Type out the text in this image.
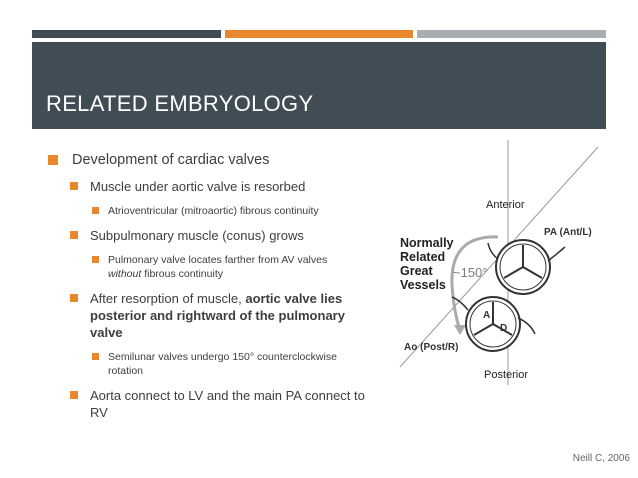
RELATED EMBRYOLOGY
Development of cardiac valves
Muscle under aortic valve is resorbed
Atrioventricular (mitroaortic) fibrous continuity
Subpulmonary muscle (conus) grows
Pulmonary valve locates farther from AV valves
without fibrous continuity
After resorption of muscle, aortic valve lies posterior and rightward of the pulmonary valve
Semilunar valves undergo 150° counterclockwise rotation
Aorta connect to LV and the main PA connect to RV
A
D
Anterior
PA (Ant/L)
Normally
Related
Great
Vessels
~150°
Ao (Post/R)
Posterior
Neill C, 2006
